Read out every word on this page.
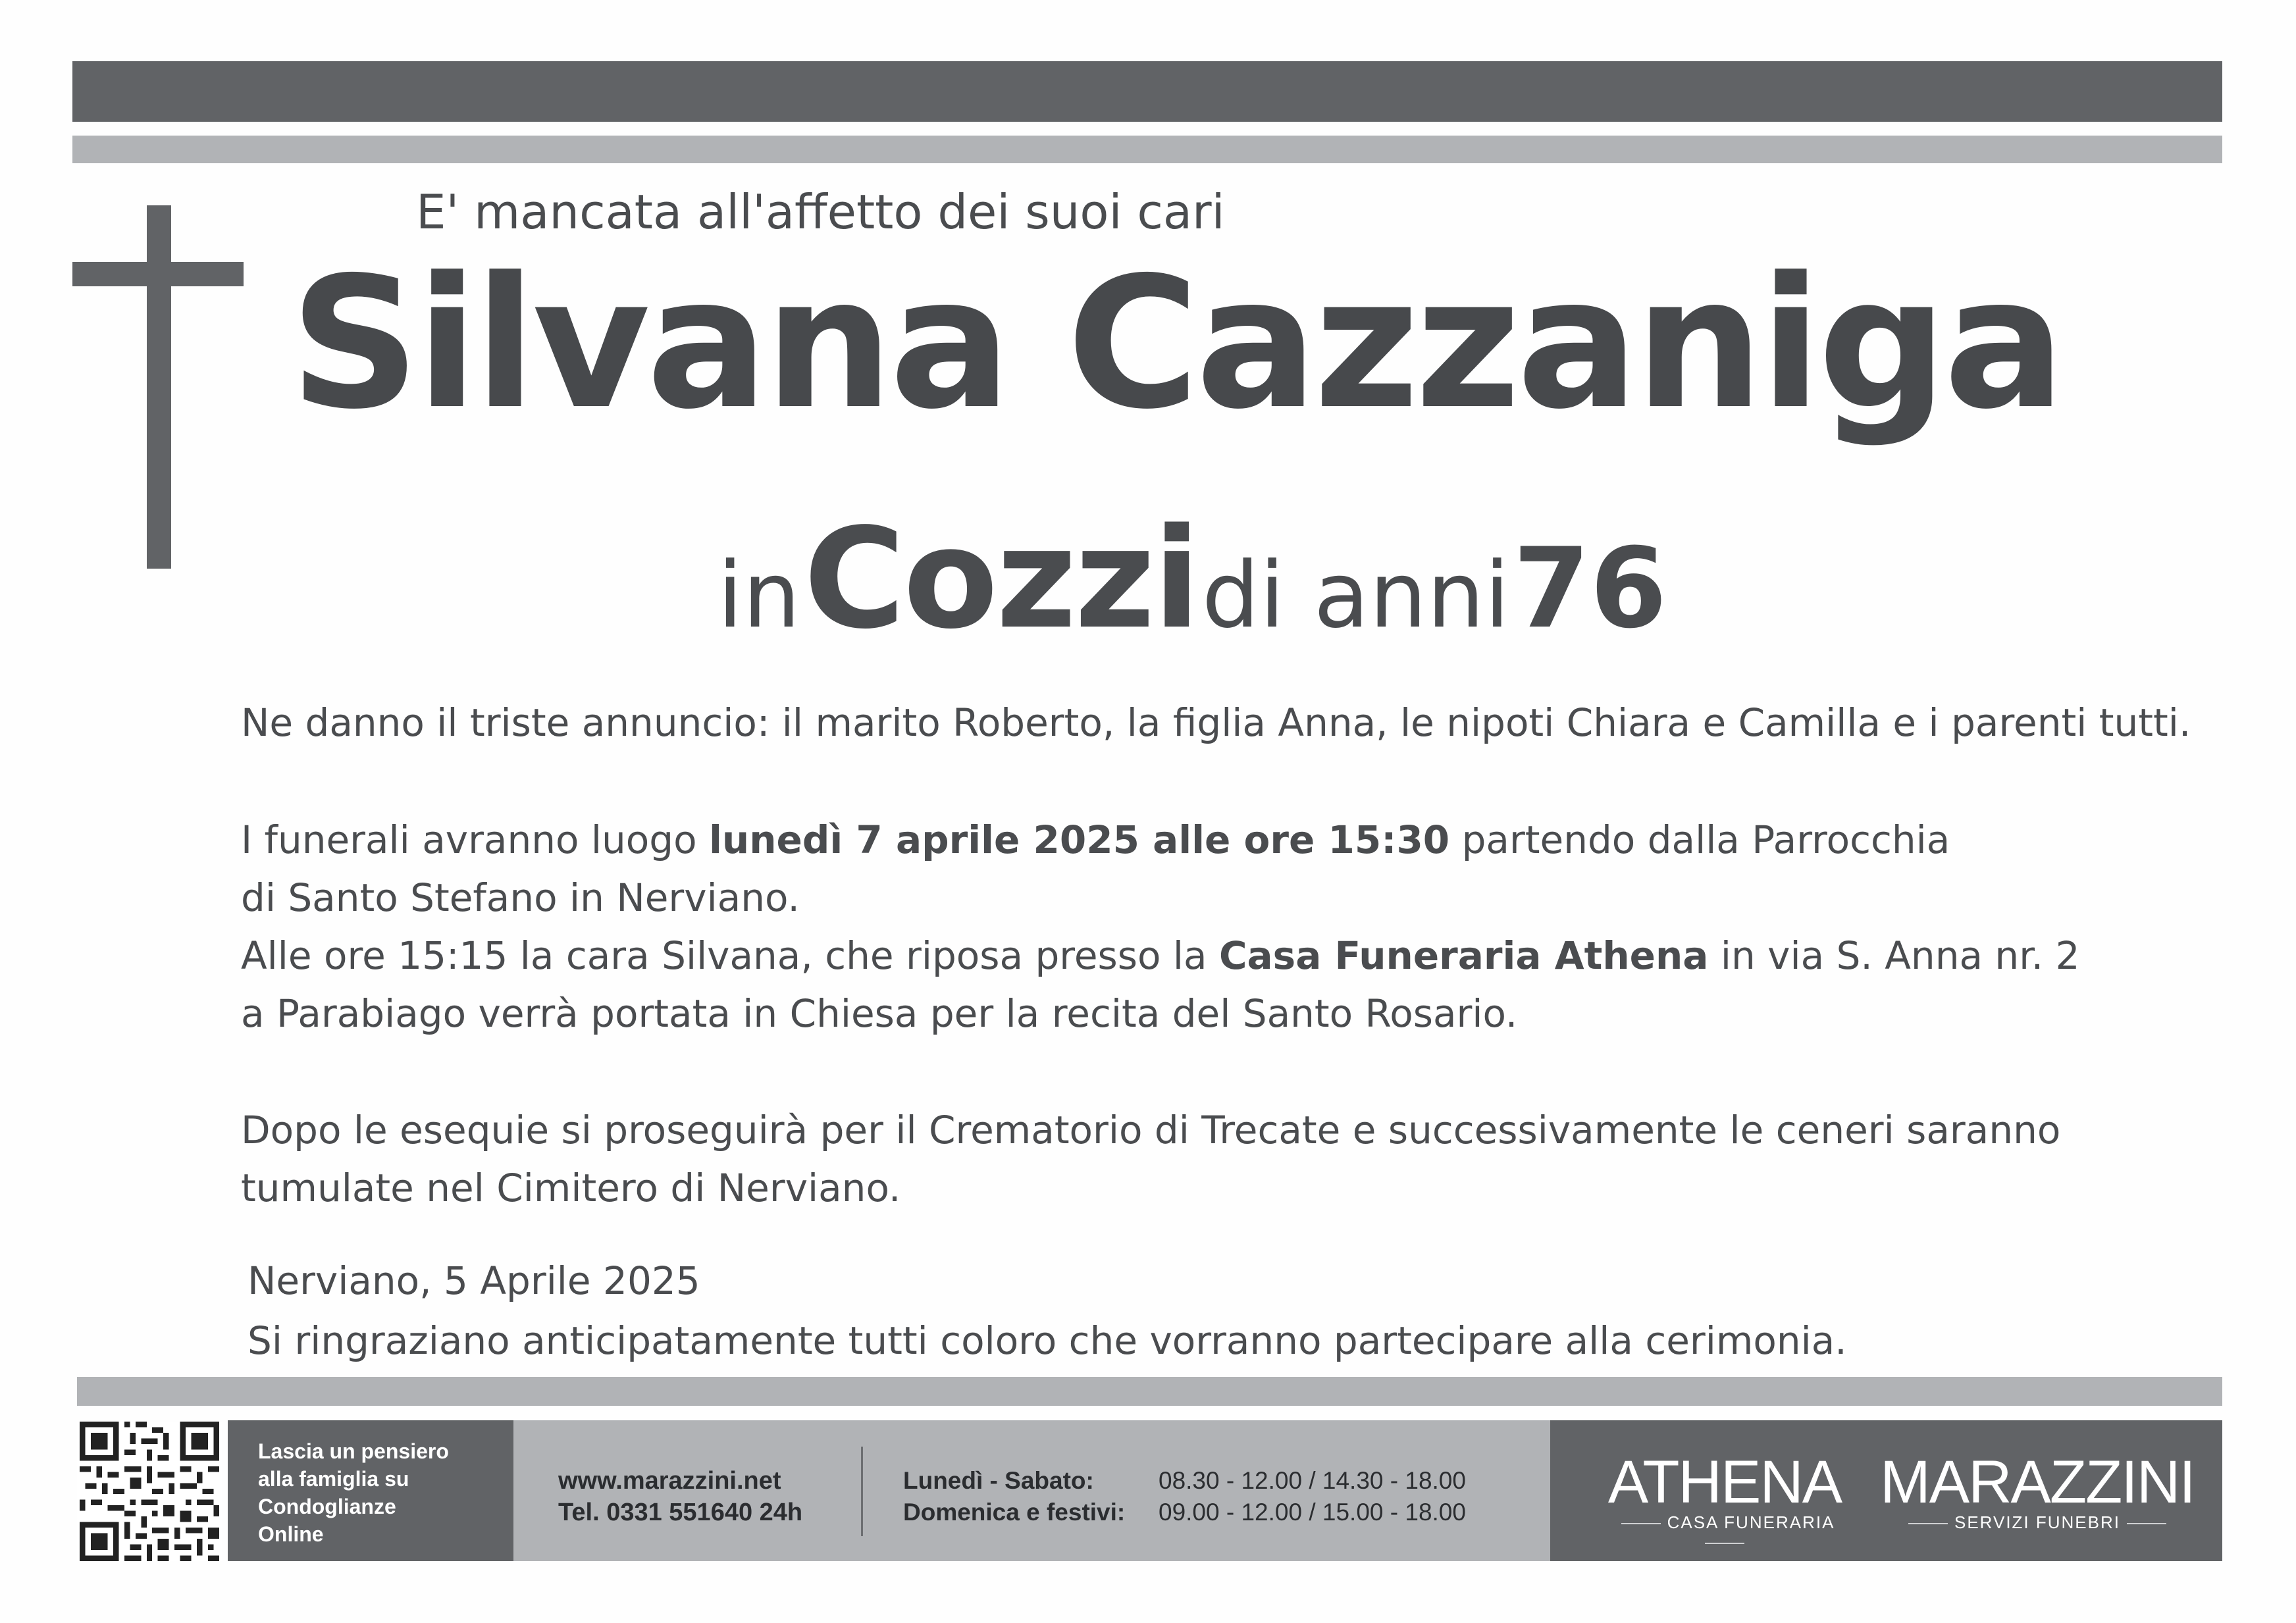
E' mancata all'affetto dei suoi cari
Silvana Cazzaniga
in Cozzi di anni 76
Ne danno il triste annuncio: il marito Roberto, la figlia Anna, le nipoti Chiara e Camilla e i parenti tutti.
I funerali avranno luogo lunedì 7 aprile 2025 alle ore 15:30 partendo dalla Parrocchia
di Santo Stefano in Nerviano.
Alle ore 15:15 la cara Silvana, che riposa presso la Casa Funeraria Athena in via S. Anna nr. 2
a Parabiago verrà portata in Chiesa per la recita del Santo Rosario.
Dopo le esequie si proseguirà per il Crematorio di Trecate e successivamente le ceneri saranno
tumulate nel Cimitero di Nerviano.
Nerviano, 5 Aprile 2025
Si ringraziano anticipatamente tutti coloro che vorranno partecipare alla cerimonia.
Lascia un pensiero
alla famiglia su
Condoglianze
Online
www.marazzini.net
Tel. 0331 551640 24h
Lunedì - Sabato:	08.30 - 12.00 / 14.30 - 18.00
Domenica e festivi: 09.00 - 12.00 / 15.00 - 18.00	ATHENA
CASA FUNERARIA
MARAZZINI
SERVIZI FUNEBRI
